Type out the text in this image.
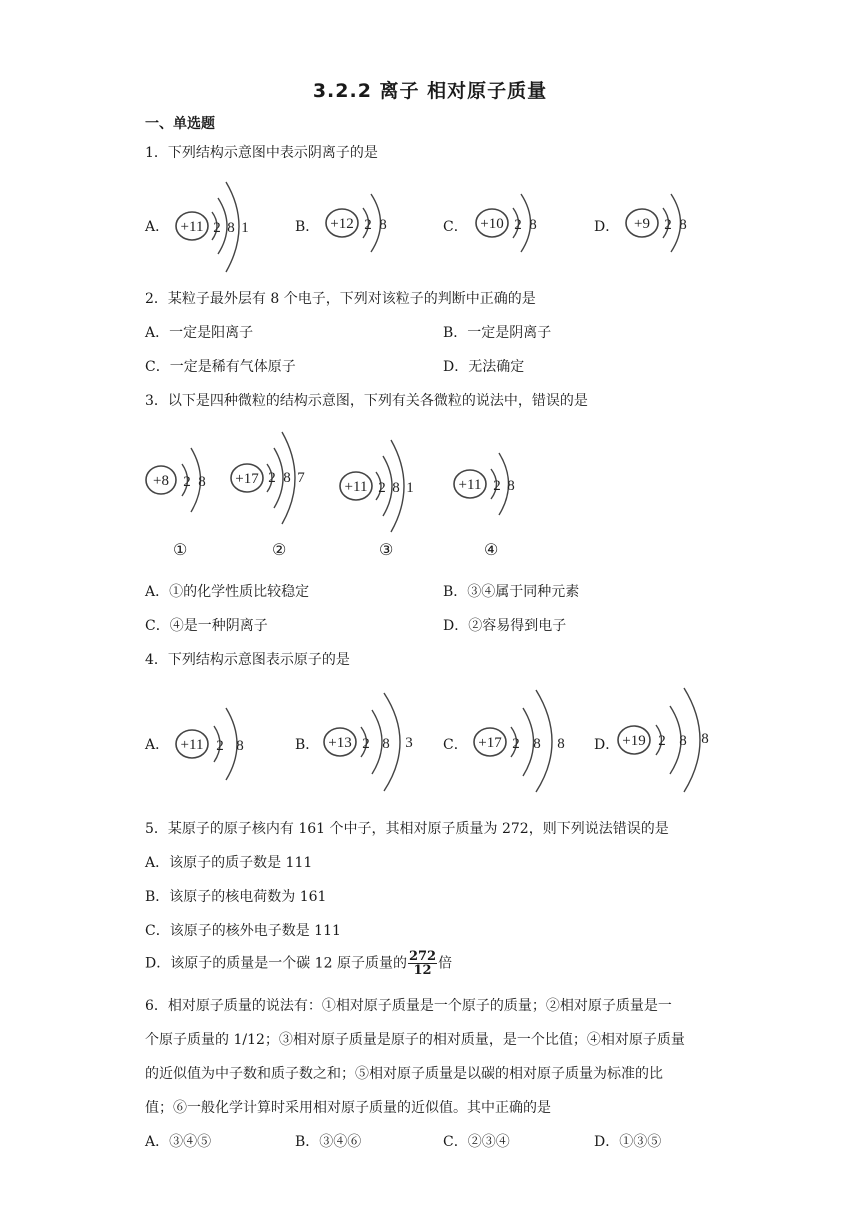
3.2.2 离子 相对原子质量
一、单选题
1．下列结构示意图中表示阴离子的是
A． +11 2 8 1	B． +12 2 8	C． +10 2 8	D． +9 2 8
2．某粒子最外层有 8 个电子，下列对该粒子的判断中正确的是
A．一定是阳离子	B．一定是阴离子
C．一定是稀有气体原子	D．无法确定
3．以下是四种微粒的结构示意图，下列有关各微粒的说法中，错误的是
+8 2 8 +17 2 8 7
+11 2 8 1	+11 2 8
①	②	③	④
A．①的化学性质比较稳定	B．③④属于同种元素
C．④是一种阴离子	D．②容易得到电子
4．下列结构示意图表示原子的是
A． +11 2 8	B． +13 2 8 3 C． +17 2 8 8 D． +19 2 8 8
5．某原子的原子核内有 161 个中子，其相对原子质量为 272，则下列说法错误的是
A．该原子的质子数是 111
B．该原子的核电荷数为 161
C．该原子的核外电子数是 111
D．该原子的质量是一个碳 12 原子质量的 $\frac{272}{12}$ 倍
6．相对原子质量的说法有：①相对原子质量是一个原子的质量；②相对原子质量是一
个原子质量的 1/12；③相对原子质量是原子的相对质量，是一个比值；④相对原子质量
的近似值为中子数和质子数之和；⑤相对原子质量是以碳的相对原子质量为标准的比
值；⑥一般化学计算时采用相对原子质量的近似值。其中正确的是
A．③④⑤	B．③④⑥	C．②③④	D．①③⑤
